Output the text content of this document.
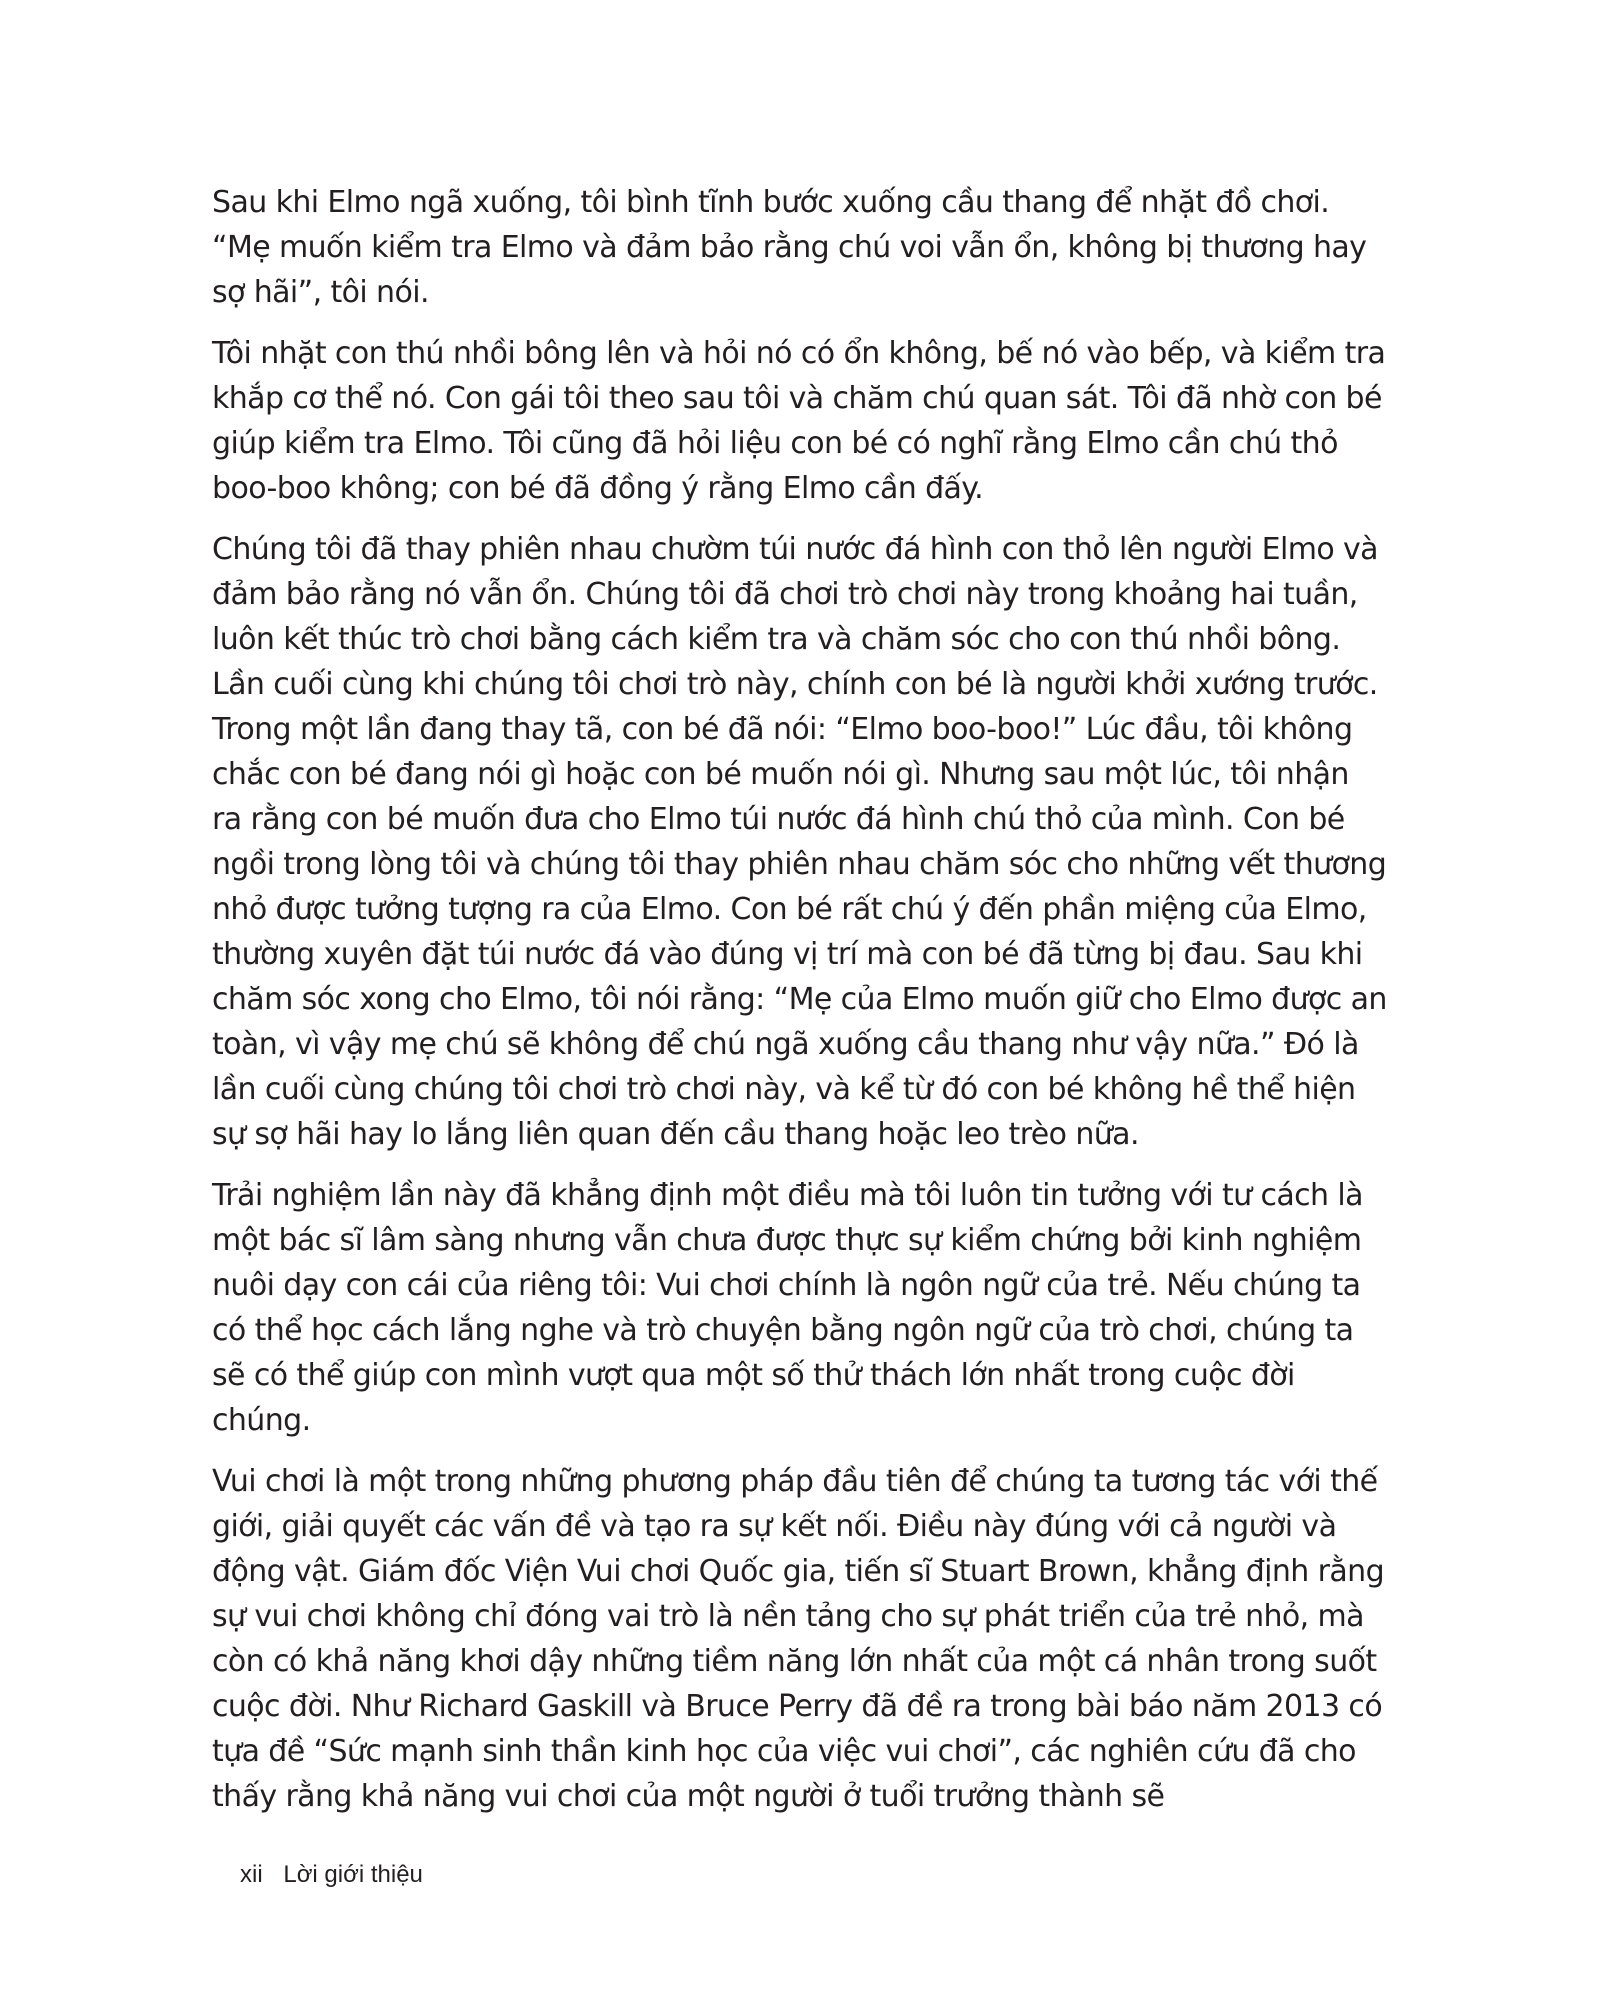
Sau khi Elmo ngã xuống, tôi bình tĩnh bước xuống cầu thang để nhặt đồ chơi. “Mẹ muốn kiểm tra Elmo và đảm bảo rằng chú voi vẫn ổn, không bị thương hay sợ hãi”, tôi nói.

Tôi nhặt con thú nhồi bông lên và hỏi nó có ổn không, bế nó vào bếp, và kiểm tra khắp cơ thể nó. Con gái tôi theo sau tôi và chăm chú quan sát. Tôi đã nhờ con bé giúp kiểm tra Elmo. Tôi cũng đã hỏi liệu con bé có nghĩ rằng Elmo cần chú thỏ boo-boo không; con bé đã đồng ý rằng Elmo cần đấy.

Chúng tôi đã thay phiên nhau chườm túi nước đá hình con thỏ lên người Elmo và đảm bảo rằng nó vẫn ổn. Chúng tôi đã chơi trò chơi này trong khoảng hai tuần, luôn kết thúc trò chơi bằng cách kiểm tra và chăm sóc cho con thú nhồi bông. Lần cuối cùng khi chúng tôi chơi trò này, chính con bé là người khởi xướng trước. Trong một lần đang thay tã, con bé đã nói: “Elmo boo-boo!” Lúc đầu, tôi không chắc con bé đang nói gì hoặc con bé muốn nói gì. Nhưng sau một lúc, tôi nhận ra rằng con bé muốn đưa cho Elmo túi nước đá hình chú thỏ của mình. Con bé ngồi trong lòng tôi và chúng tôi thay phiên nhau chăm sóc cho những vết thương nhỏ được tưởng tượng ra của Elmo. Con bé rất chú ý đến phần miệng của Elmo, thường xuyên đặt túi nước đá vào đúng vị trí mà con bé đã từng bị đau. Sau khi chăm sóc xong cho Elmo, tôi nói rằng: “Mẹ của Elmo muốn giữ cho Elmo được an toàn, vì vậy mẹ chú sẽ không để chú ngã xuống cầu thang như vậy nữa.” Đó là lần cuối cùng chúng tôi chơi trò chơi này, và kể từ đó con bé không hề thể hiện sự sợ hãi hay lo lắng liên quan đến cầu thang hoặc leo trèo nữa.

Trải nghiệm lần này đã khẳng định một điều mà tôi luôn tin tưởng với tư cách là một bác sĩ lâm sàng nhưng vẫn chưa được thực sự kiểm chứng bởi kinh nghiệm nuôi dạy con cái của riêng tôi: Vui chơi chính là ngôn ngữ của trẻ. Nếu chúng ta có thể học cách lắng nghe và trò chuyện bằng ngôn ngữ của trò chơi, chúng ta sẽ có thể giúp con mình vượt qua một số thử thách lớn nhất trong cuộc đời chúng.

Vui chơi là một trong những phương pháp đầu tiên để chúng ta tương tác với thế giới, giải quyết các vấn đề và tạo ra sự kết nối. Điều này đúng với cả người và động vật. Giám đốc Viện Vui chơi Quốc gia, tiến sĩ Stuart Brown, khẳng định rằng sự vui chơi không chỉ đóng vai trò là nền tảng cho sự phát triển của trẻ nhỏ, mà còn có khả năng khơi dậy những tiềm năng lớn nhất của một cá nhân trong suốt cuộc đời. Như Richard Gaskill và Bruce Perry đã đề ra trong bài báo năm 2013 có tựa đề “Sức mạnh sinh thần kinh học của việc vui chơi”, các nghiên cứu đã cho thấy rằng khả năng vui chơi của một người ở tuổi trưởng thành sẽ

xii Lời giới thiệu
